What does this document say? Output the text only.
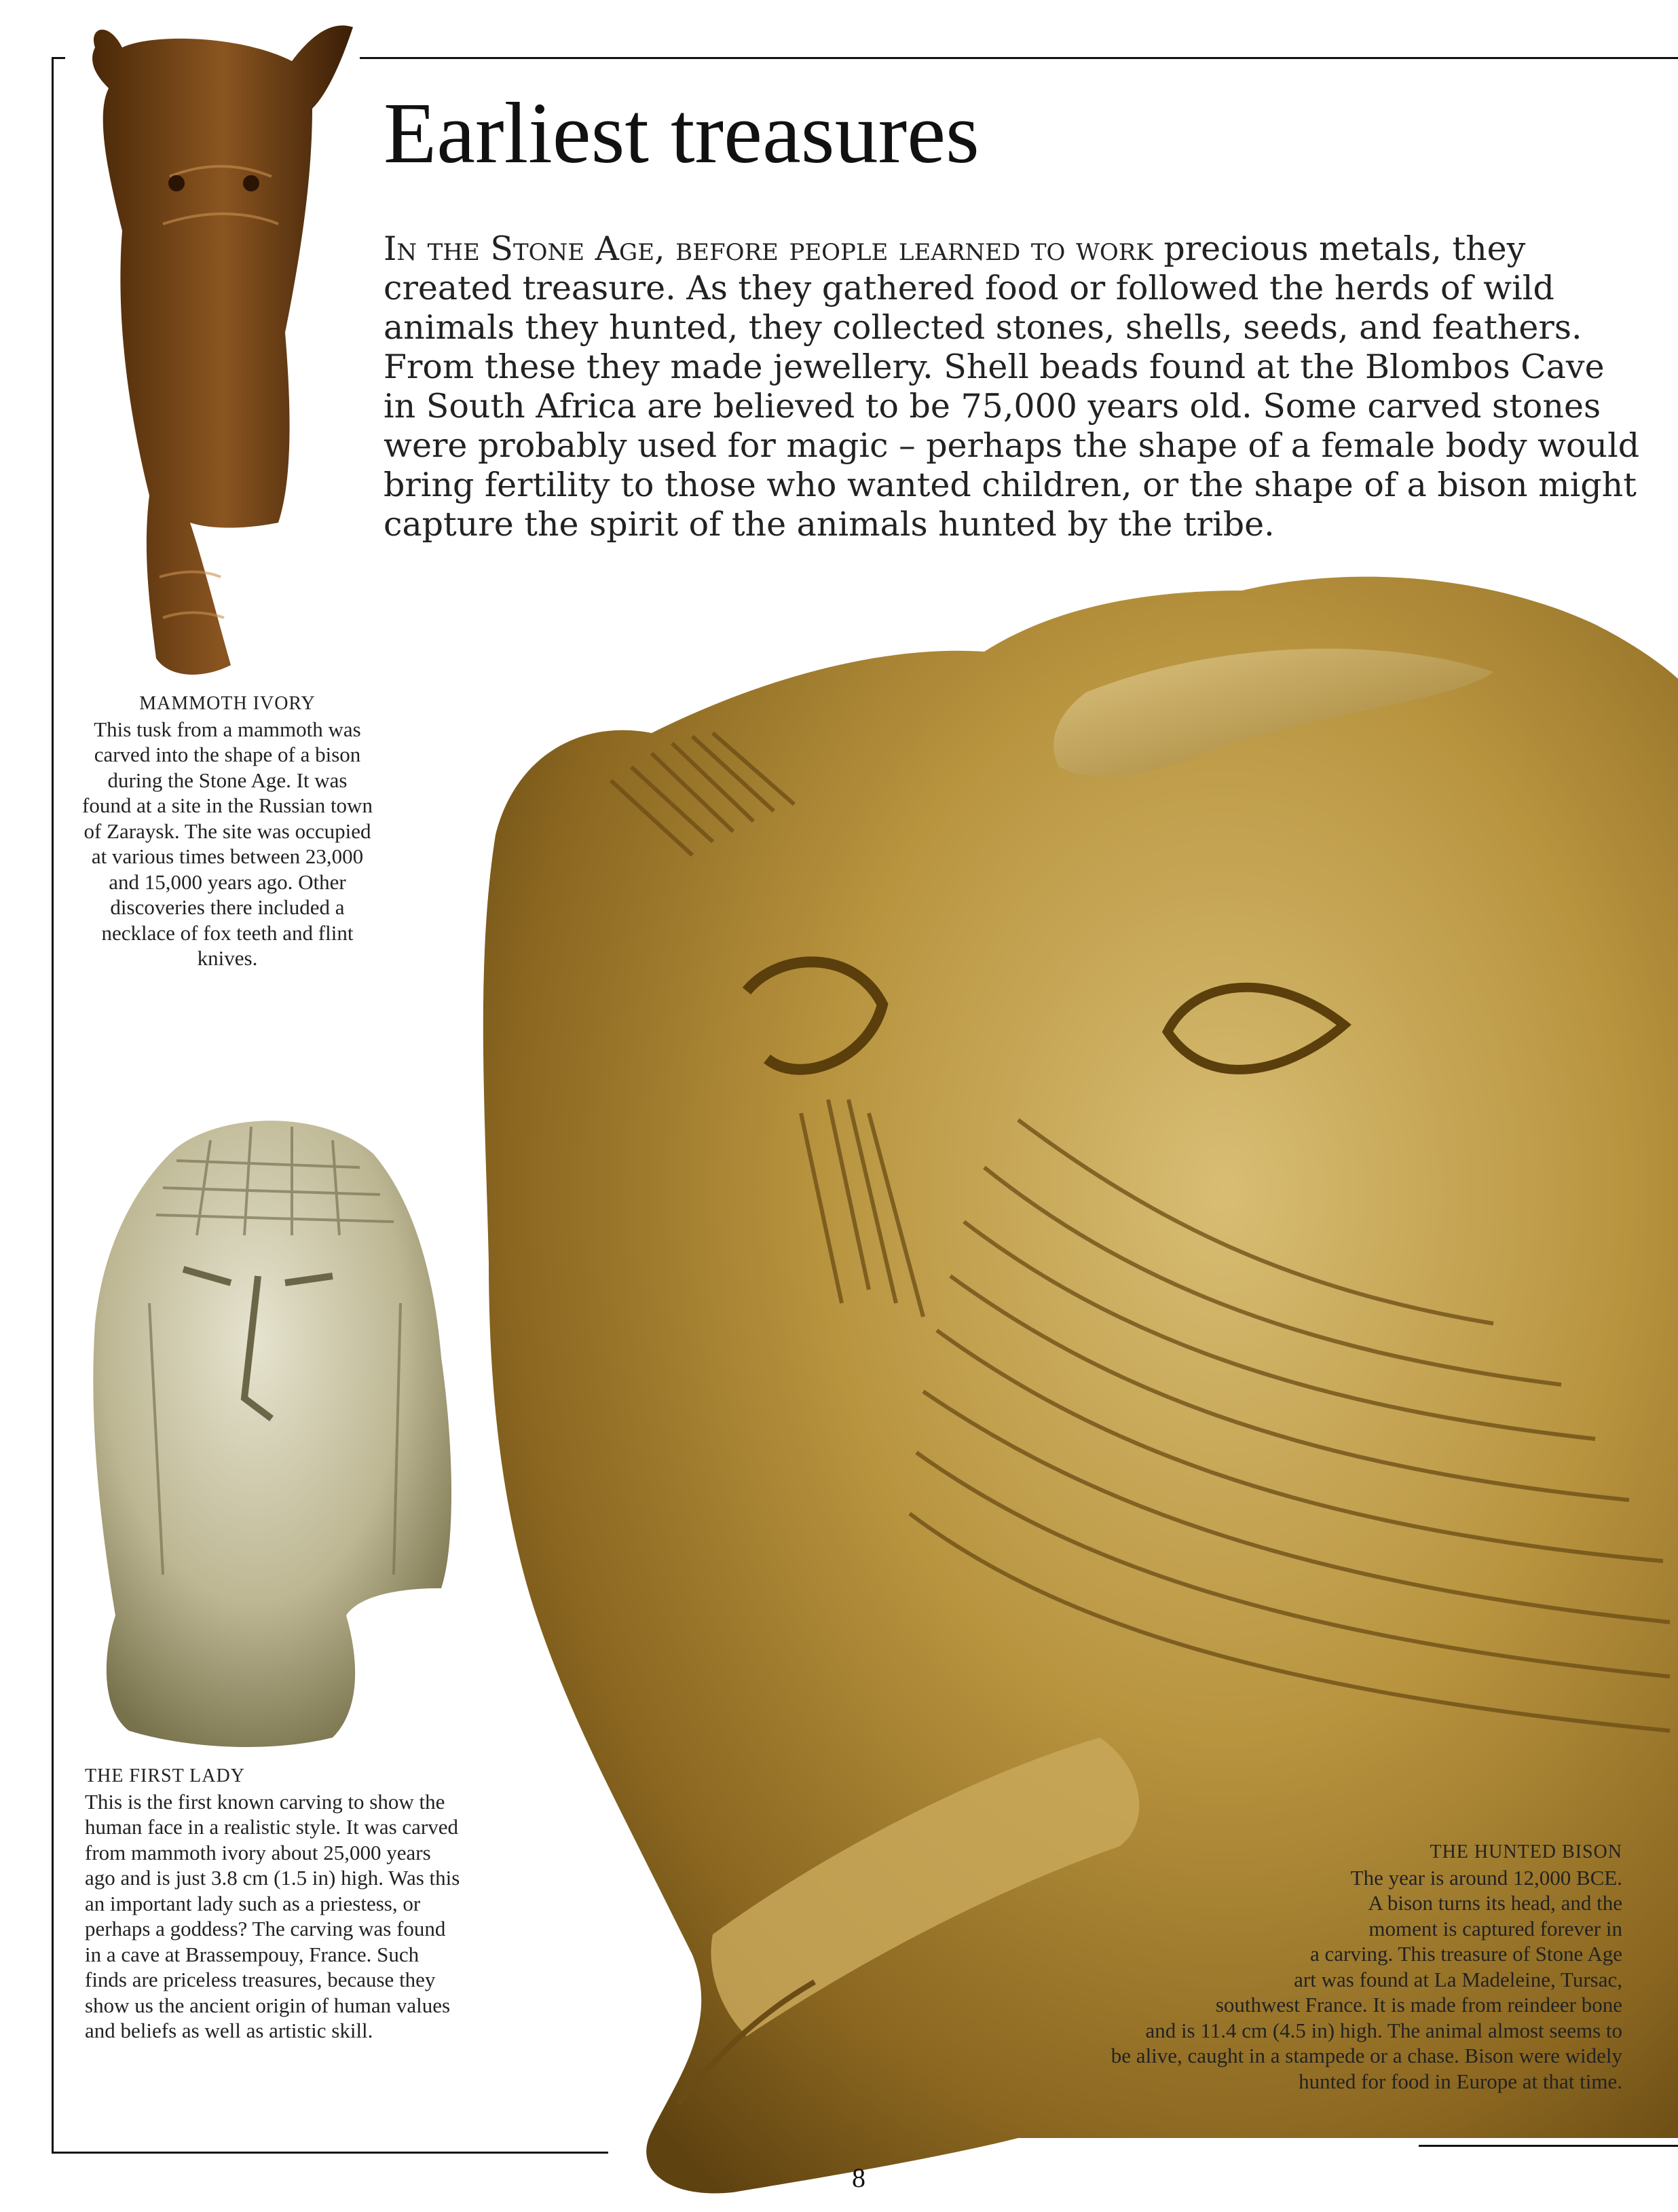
Earliest treasures
In the Stone Age, before people learned to work precious metals, they created treasure. As they gathered food or followed the herds of wild animals they hunted, they collected stones, shells, seeds, and feathers. From these they made jewellery. Shell beads found at the Blombos Cave in South Africa are believed to be 75,000 years old. Some carved stones were probably used for magic – perhaps the shape of a female body would bring fertility to those who wanted children, or the shape of a bison might capture the spirit of the animals hunted by the tribe.
MAMMOTH IVORY
This tusk from a mammoth was carved into the shape of a bison during the Stone Age. It was found at a site in the Russian town of Zaraysk. The site was occupied at various times between 23,000 and 15,000 years ago. Other discoveries there included a necklace of fox teeth and flint knives.
THE FIRST LADY
This is the first known carving to show the human face in a realistic style. It was carved from mammoth ivory about 25,000 years ago and is just 3.8 cm (1.5 in) high. Was this an important lady such as a priestess, or perhaps a goddess? The carving was found in a cave at Brassempouy, France. Such finds are priceless treasures, because they show us the ancient origin of human values and beliefs as well as artistic skill.
THE HUNTED BISON
The year is around 12,000 BCE.
A bison turns its head, and the
moment is captured forever in
a carving. This treasure of Stone Age
art was found at La Madeleine, Tursac,
southwest France. It is made from reindeer bone
and is 11.4 cm (4.5 in) high. The animal almost seems to
be alive, caught in a stampede or a chase. Bison were widely
hunted for food in Europe at that time.
8
